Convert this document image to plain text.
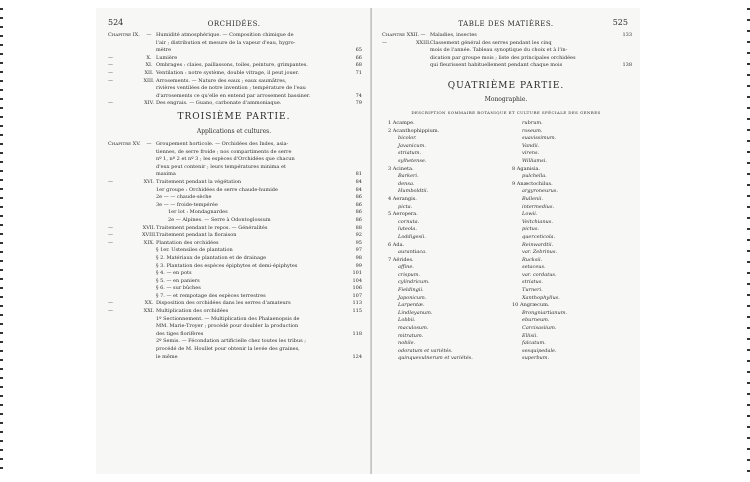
524	ORCHIDÉES.
Chapitre IX. — Humidité atmosphérique. — Composition chimique de
l'air ; distribution et mesure de la vapeur d'eau, hygro-
mètre	65
—	X. Lumière	66
—	XI. Ombrages : claies, paillassons, toiles, peinture, grimpantes.	68
—	XII. Ventilation : notre système, double vitrage, il peut jouer.	71
—	XIII.Arrosements. — Nature des eaux ; eaux saumâtres,
rivières ventilées de notre invention ; température de l'eau
d'arrosements ce qu'elle en entend par arrosement bassiner.	74
—	XIV. Des engrais. — Guano, carbonate d'ammoniaque.	79
TROISIÈME PARTIE.
Applications et cultures.
Chapitre XV. — Groupement horticole. — Orchidées des Indes, asia-
tiennes, de serre froide ; nos compartiments de serre
nº 1, nº 2 et nº 3 ; les espèces d'Orchidées que chacun
d'eux peut contenir ; leurs températures minima et
maxima	81
—	XVI. Traitement pendant la végétation	84
1er groupe : Orchidées de serre chaude-humide	84
2e — — chaude-sèche	86
3e — — froide-tempérée	86
1er lot : Mondagnardes	86
2e — Alpines. — Serre à Odontoglossum	86
—	XVII.Traitement pendant le repos. — Généralités	88
—	XVIII.Traitement pendant la floraison	92
—	XIX. Plantation des orchidées	95
§ 1er. Ustensiles de plantation	97
§ 2. Matériaux de plantation et de drainage	98
§ 3. Plantation des espèces épiphytes et demi-épiphytes	99
§ 4. — en pots	101
§ 5. — en paniers	104
§ 6. — sur bûches	106
§ 7. — et rempotage des espèces terrestres	107
—	XX. Disposition des orchidées dans les serres d'amateurs	113
—	XXI. Multiplication des orchidées	115
1º Sectionnement. — Multiplication des Phalaenopsis de
MM. Marie-Troyer ; procédé pour doubler la production
des tiges florifères	118
2º Semis. — Fécondation artificielle chez toutes les tribus ;
procédé de M. Houllet pour obtenir la levée des graines,
le même	124
525
TABLE DES MATIÈRES.
Chapitre XXII.— Maladies, insectes	133
—	XXIII.Classement général des serres pendant les cinq
mois de l'année. Tableau synoptique du choix et à l'in-
dication par groupe mois ; liste des principales orchidées
qui fleurissent habituellement pendant chaque mois	138
QUATRIÈME PARTIE.
Monographie.
DESCRIPTION SOMMAIRE BOTANIQUE ET CULTURE SPÉCIALE DES GENRES
1 Acampe.
2 Acanthophippium.
bicolor.
Javanicum.
striatum.
sylhetense.
3 Acineta.
Barkeri.
densa.
Humboldtii.
4 Aerangis.
picta.
5 Aeropera.
cornuta.
luteola.
Loddigesii.
6 Ada.
aurantiaca.
7 Aërides.
affine.
crispum.
cylindricum.
Fieldingii.
Japonicum.
Larpentæ.
Lindleyanum.
Lobbii.
maculosum.
mitratum.
nobile.
odoratum et variétés.
quinquevulnerum et variétés.
rubrum.
roseum.
suavissimum.
Vandii.
virens.
Williamsi.
8 Aganisia.
pulchella.
9 Anæctochilus.
argyroneurus.
Bullenii.
intermedius.
Lowii.
Veitchianus.
pictus.
querceticola.
Reinwardtii.
var. Zebrinus.
Rucksii.
setaceus.
var. cordatus.
striatus.
Turneri.
Xanthophyllus.
10 Angræcum.
Brongniartianum.
eburneum.
Carcisasiium.
Ellisii.
falcatum.
sesquipedale.
superbum.
